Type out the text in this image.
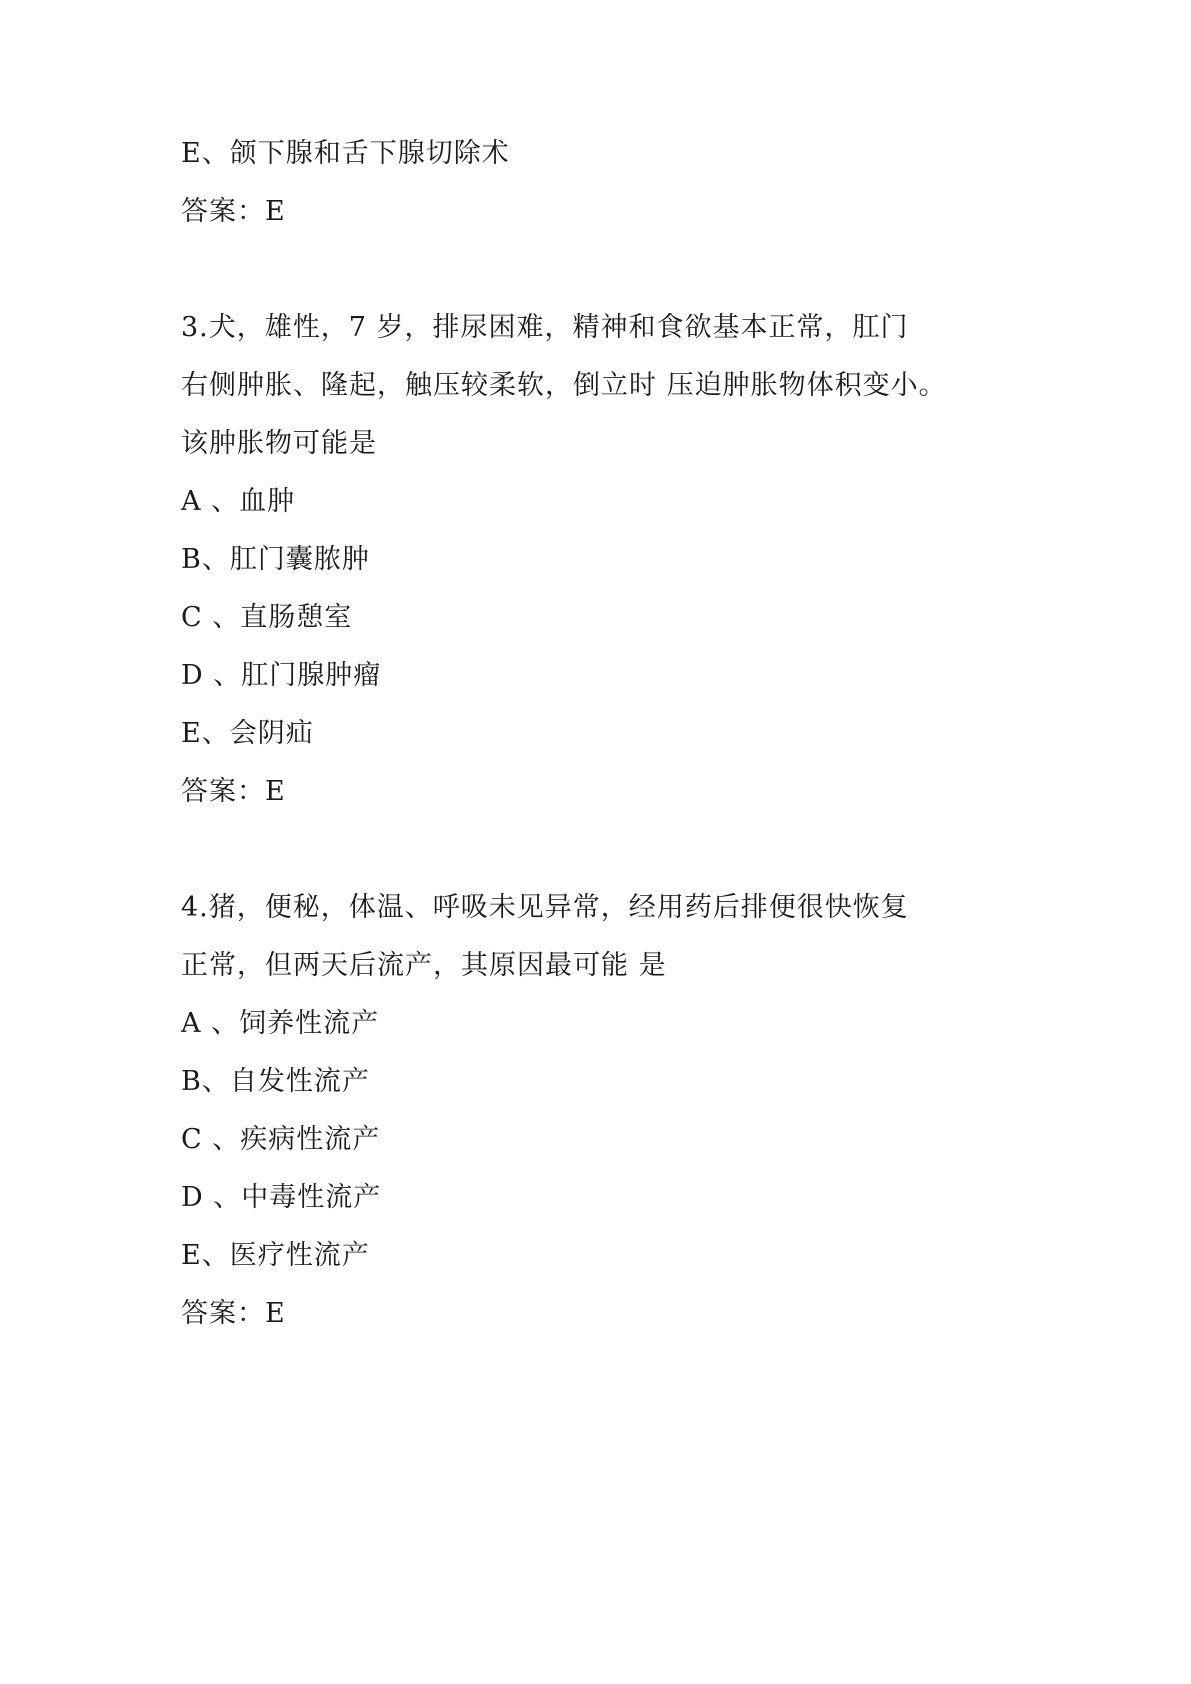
E、颌下腺和舌下腺切除术
答案：E
3.犬，雄性，7 岁，排尿困难，精神和食欲基本正常，肛门
右侧肿胀、隆起，触压较柔软，倒立时 压迫肿胀物体积变小。
该肿胀物可能是
A 、血肿
B、肛门囊脓肿
C 、直肠憩室
D 、肛门腺肿瘤
E、会阴疝
答案：E
4.猪，便秘，体温、呼吸未见异常，经用药后排便很快恢复
正常，但两天后流产，其原因最可能 是
A 、饲养性流产
B、自发性流产
C 、疾病性流产
D 、中毒性流产
E、医疗性流产
答案：E
